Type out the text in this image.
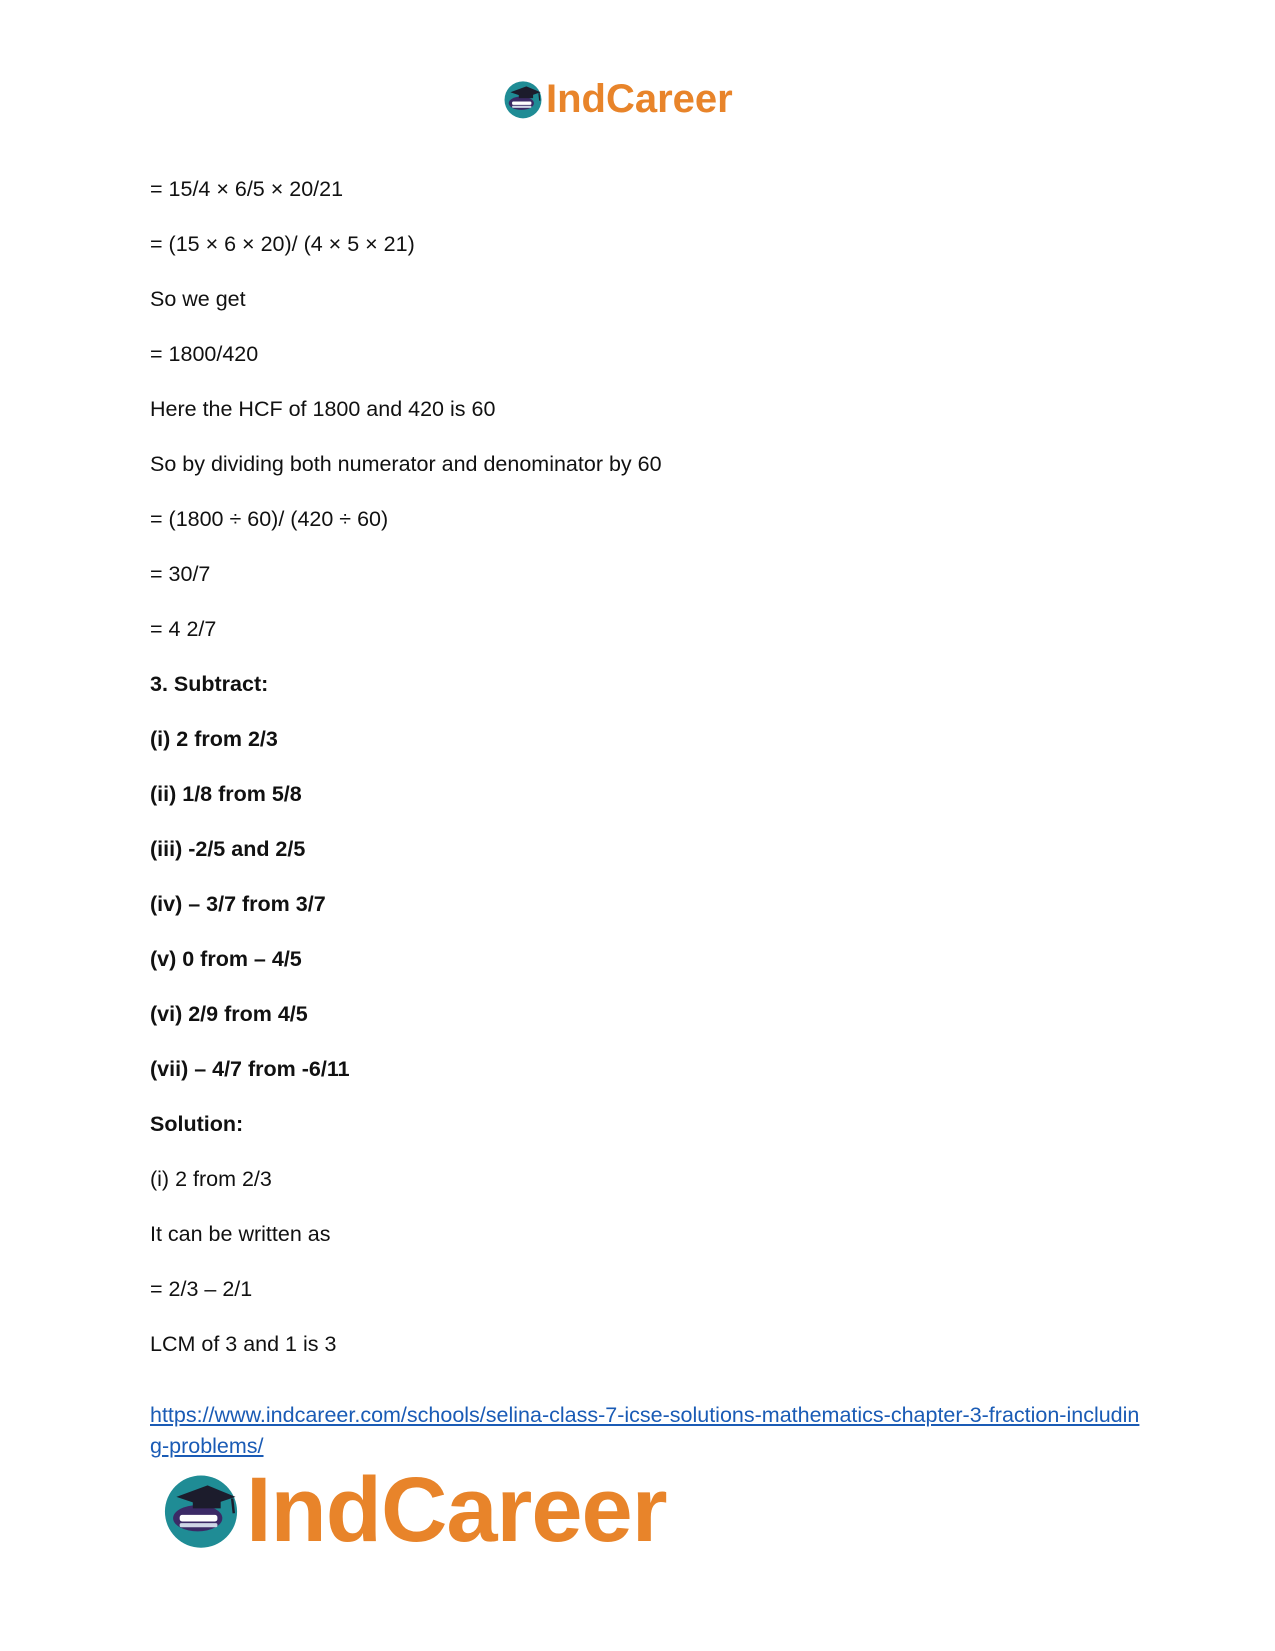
IndCareer
= 15/4 × 6/5 × 20/21
= (15 × 6 × 20)/ (4 × 5 × 21)
So we get
= 1800/420
Here the HCF of 1800 and 420 is 60
So by dividing both numerator and denominator by 60
= (1800 ÷ 60)/ (420 ÷ 60)
= 30/7
= 4 2/7
3. Subtract:
(i) 2 from 2/3
(ii) 1/8 from 5/8
(iii) -2/5 and 2/5
(iv) – 3/7 from 3/7
(v) 0 from – 4/5
(vi) 2/9 from 4/5
(vii) – 4/7 from -6/11
Solution:
(i) 2 from 2/3
It can be written as
= 2/3 – 2/1
LCM of 3 and 1 is 3
https://www.indcareer.com/schools/selina-class-7-icse-solutions-mathematics-chapter-3-fraction-including-problems/
IndCareer
